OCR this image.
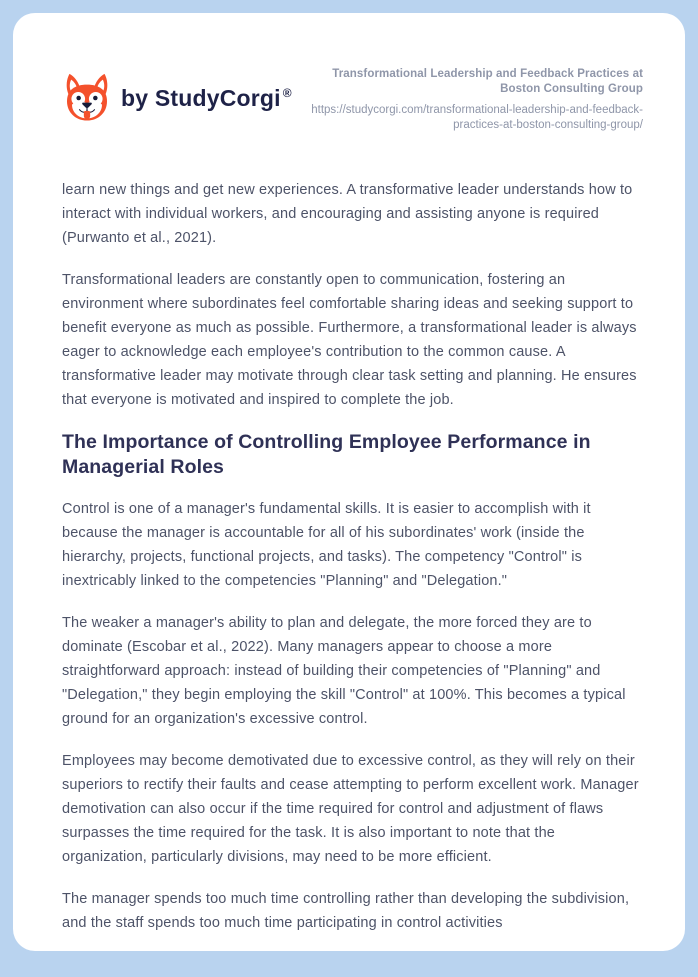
by StudyCorgi ®
Transformational Leadership and Feedback Practices at Boston Consulting Group
https://studycorgi.com/transformational-leadership-and-feedback-practices-at-boston-consulting-group/

learn new things and get new experiences. A transformative leader understands how to interact with individual workers, and encouraging and assisting anyone is required (Purwanto et al., 2021).

Transformational leaders are constantly open to communication, fostering an environment where subordinates feel comfortable sharing ideas and seeking support to benefit everyone as much as possible. Furthermore, a transformational leader is always eager to acknowledge each employee's contribution to the common cause. A transformative leader may motivate through clear task setting and planning. He ensures that everyone is motivated and inspired to complete the job.

The Importance of Controlling Employee Performance in Managerial Roles

Control is one of a manager's fundamental skills. It is easier to accomplish with it because the manager is accountable for all of his subordinates' work (inside the hierarchy, projects, functional projects, and tasks). The competency "Control" is inextricably linked to the competencies "Planning" and "Delegation."

The weaker a manager's ability to plan and delegate, the more forced they are to dominate (Escobar et al., 2022). Many managers appear to choose a more straightforward approach: instead of building their competencies of "Planning" and "Delegation," they begin employing the skill "Control" at 100%. This becomes a typical ground for an organization's excessive control.

Employees may become demotivated due to excessive control, as they will rely on their superiors to rectify their faults and cease attempting to perform excellent work. Manager demotivation can also occur if the time required for control and adjustment of flaws surpasses the time required for the task. It is also important to note that the organization, particularly divisions, may need to be more efficient.

The manager spends too much time controlling rather than developing the subdivision, and the staff spends too much time participating in control activities
